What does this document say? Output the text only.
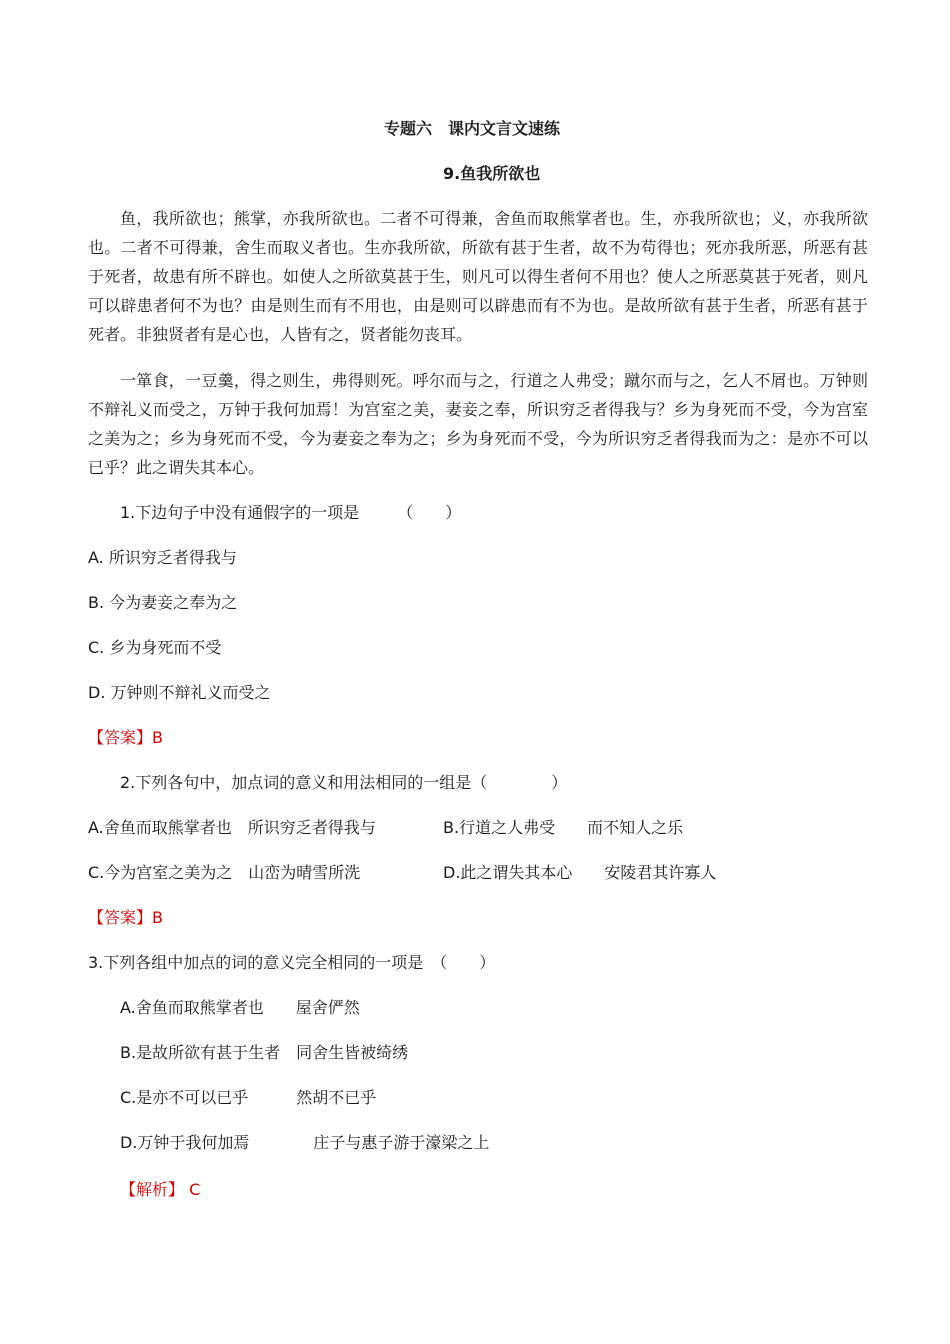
专题六　课内文言文速练
9.鱼我所欲也
鱼，我所欲也；熊掌，亦我所欲也。二者不可得兼，舍鱼而取熊掌者也。生，亦我所欲也；义，亦我所欲也。二者不可得兼，舍生而取义者也。生亦我所欲，所欲有甚于生者，故不为苟得也；死亦我所恶，所恶有甚于死者，故患有所不辟也。如使人之所欲莫甚于生，则凡可以得生者何不用也？使人之所恶莫甚于死者，则凡可以辟患者何不为也？由是则生而有不用也，由是则可以辟患而有不为也。是故所欲有甚于生者，所恶有甚于死者。非独贤者有是心也，人皆有之，贤者能勿丧耳。
一箪食，一豆羹，得之则生，弗得则死。呼尔而与之，行道之人弗受；蹴尔而与之，乞人不屑也。万钟则不辩礼义而受之，万钟于我何加焉！为宫室之美，妻妾之奉，所识穷乏者得我与？乡为身死而不受，今为宫室之美为之；乡为身死而不受，今为妻妾之奉为之；乡为身死而不受，今为所识穷乏者得我而为之：是亦不可以已乎？此之谓失其本心。
1.下边句子中没有通假字的一项是 （　　）
A. 所识穷乏者得我与
B. 今为妻妾之奉为之
C. 乡为身死而不受
D. 万钟则不辩礼义而受之
【答案】B
2.下列各句中，加点词的意义和用法相同的一组是（　　　　）
A.舍鱼而取熊掌者也　所识穷乏者得我与	B.行道之人弗受　　而不知人之乐
C.今为宫室之美为之　山峦为晴雪所洗	D.此之谓失其本心　　安陵君其许寡人
【答案】B
3.下列各组中加点的词的意义完全相同的一项是　（　　）
A.舍鱼而取熊掌者也　　屋舍俨然
B.是故所欲有甚于生者　同舍生皆被绮绣
C.是亦不可以已乎　　　然胡不已乎
D.万钟于我何加焉　　　　庄子与惠子游于濠梁之上
【解析】 C
